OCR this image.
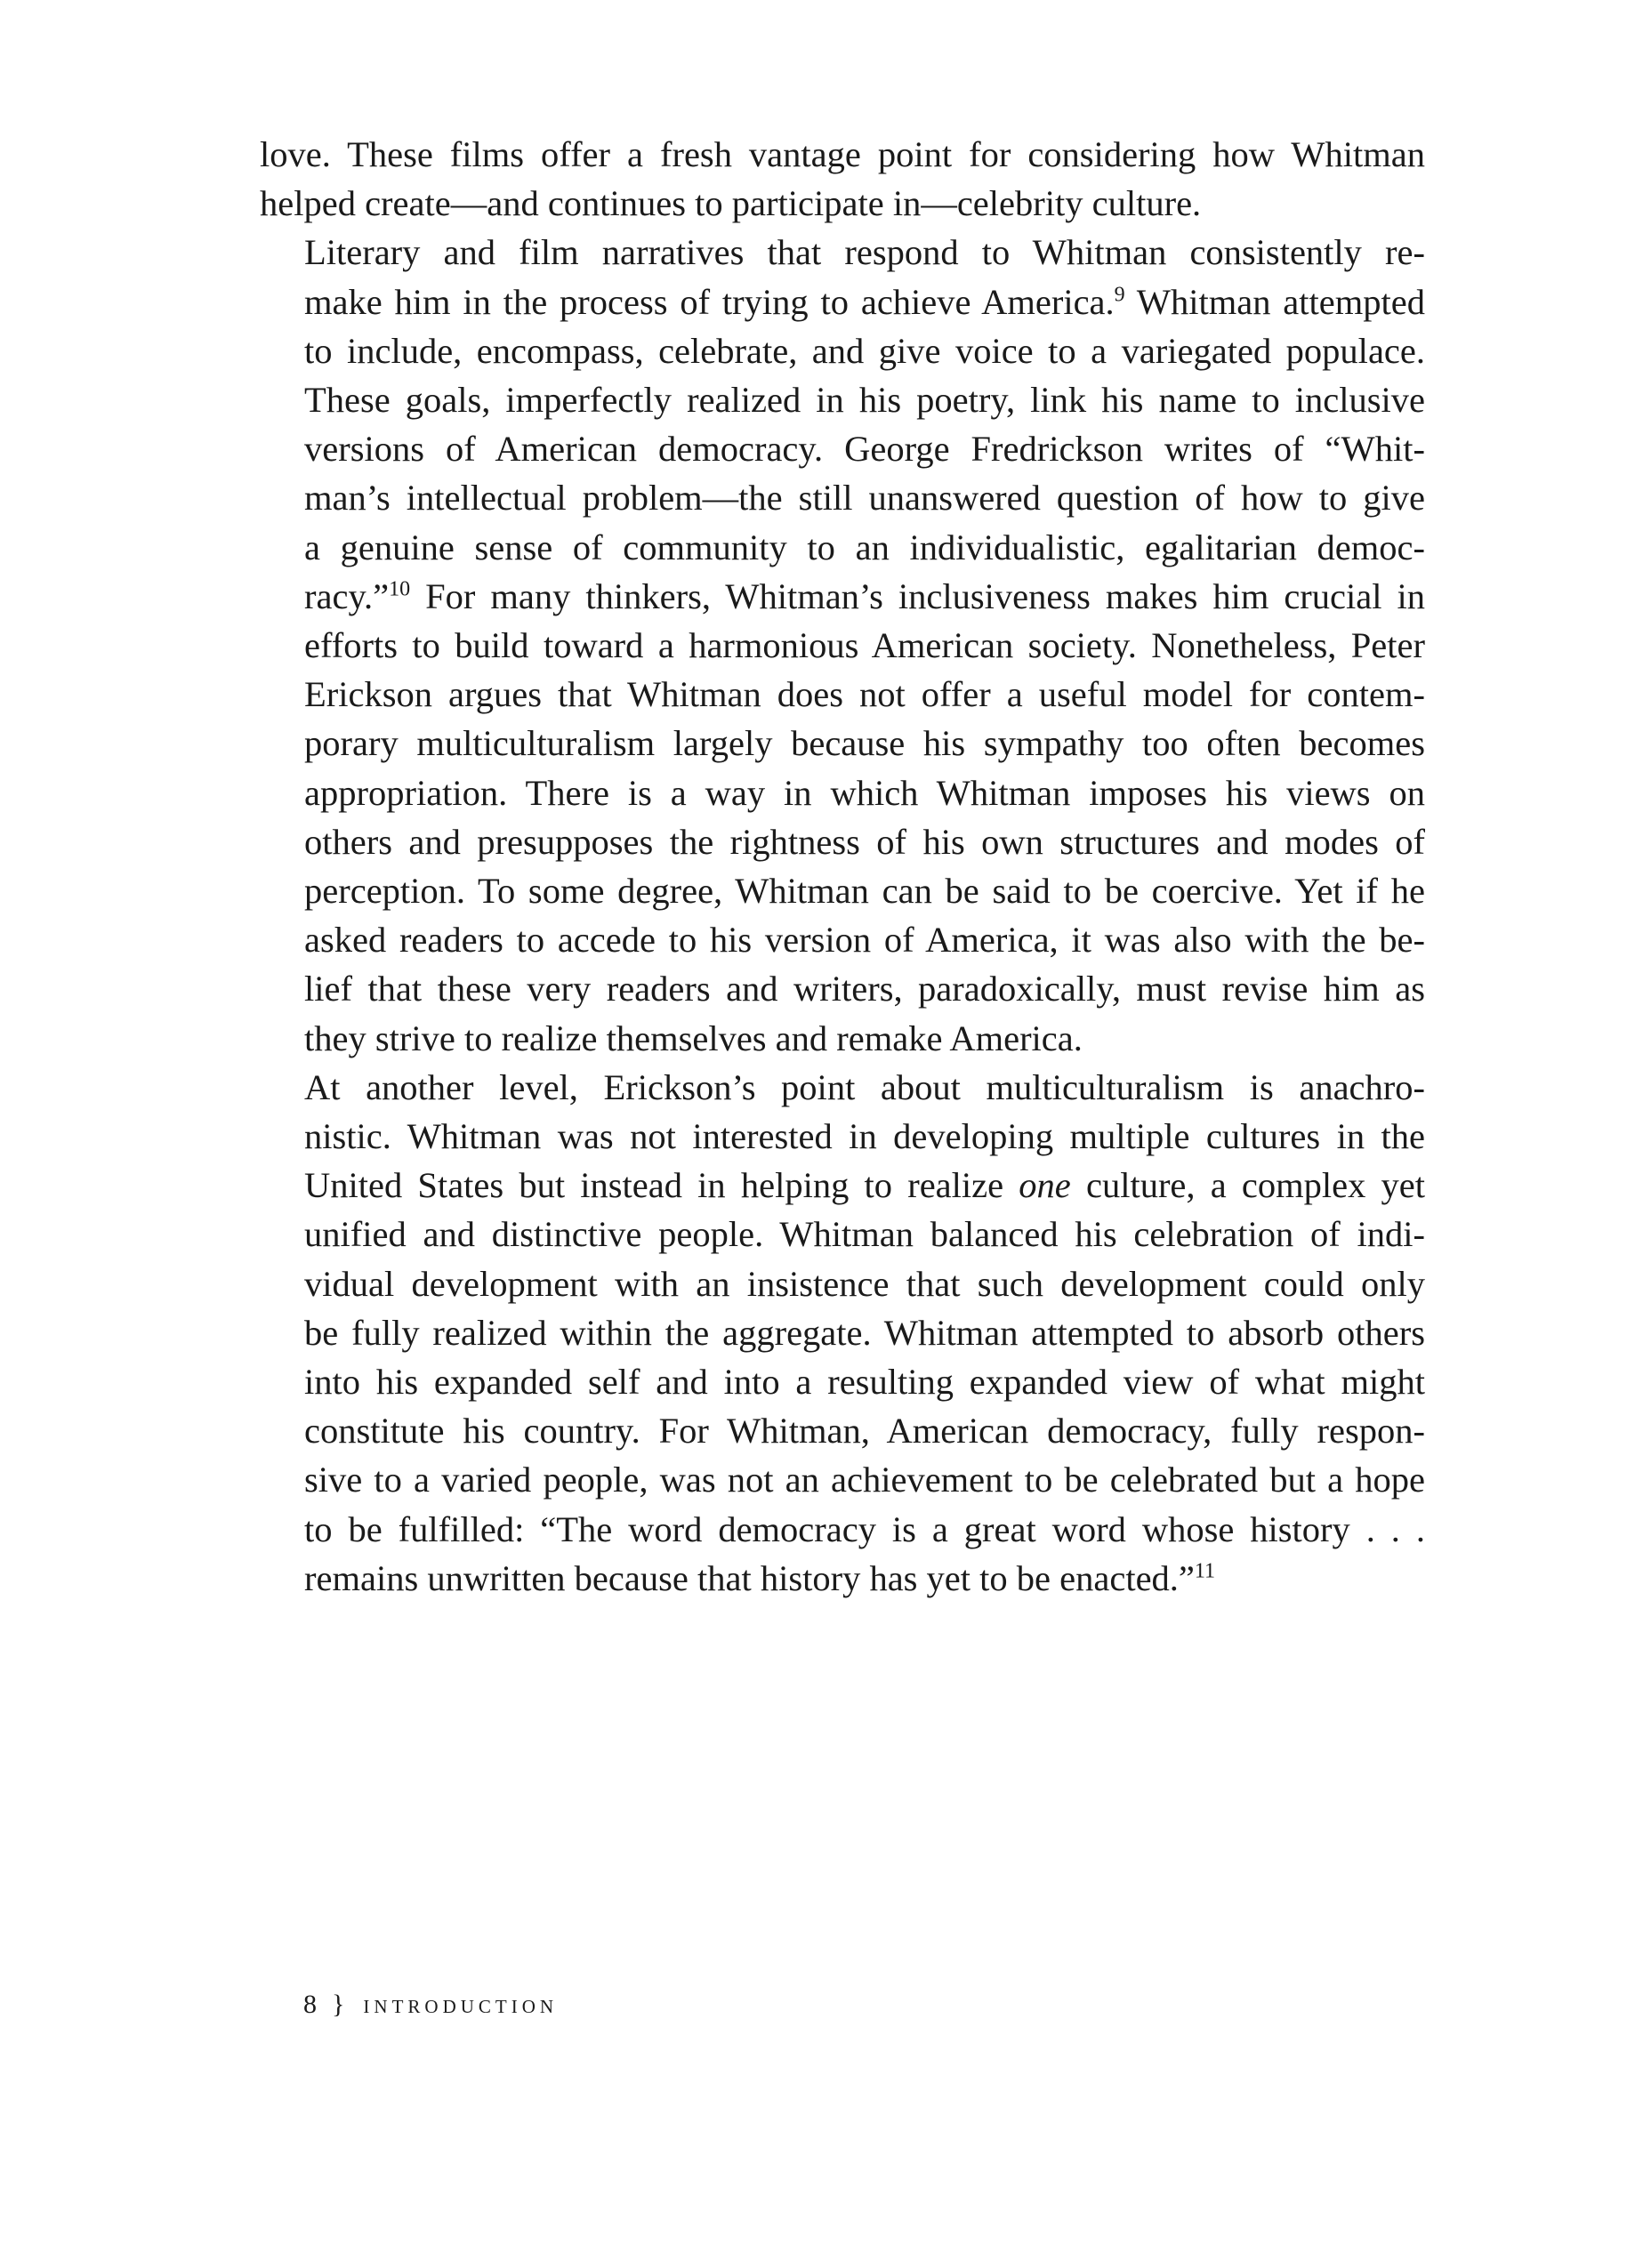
love. These films offer a fresh vantage point for considering how Whitman
helped create—and continues to participate in—celebrity culture.

Literary and film narratives that respond to Whitman consistently re-
make him in the process of trying to achieve America.$^9$ Whitman attempted
to include, encompass, celebrate, and give voice to a variegated populace.
These goals, imperfectly realized in his poetry, link his name to inclusive
versions of American democracy. George Fredrickson writes of “Whit-
man’s intellectual problem—the still unanswered question of how to give
a genuine sense of community to an individualistic, egalitarian democ-
racy.”$^{10}$ For many thinkers, Whitman’s inclusiveness makes him crucial in
efforts to build toward a harmonious American society. Nonetheless, Peter
Erickson argues that Whitman does not offer a useful model for contem-
porary multiculturalism largely because his sympathy too often becomes
appropriation. There is a way in which Whitman imposes his views on
others and presupposes the rightness of his own structures and modes of
perception. To some degree, Whitman can be said to be coercive. Yet if he
asked readers to accede to his version of America, it was also with the be-
lief that these very readers and writers, paradoxically, must revise him as
they strive to realize themselves and remake America.

At another level, Erickson’s point about multiculturalism is anachro-
nistic. Whitman was not interested in developing multiple cultures in the
United States but instead in helping to realize one culture, a complex yet
unified and distinctive people. Whitman balanced his celebration of indi-
vidual development with an insistence that such development could only
be fully realized within the aggregate. Whitman attempted to absorb others
into his expanded self and into a resulting expanded view of what might
constitute his country. For Whitman, American democracy, fully respon-
sive to a varied people, was not an achievement to be celebrated but a hope
to be fulfilled: “The word democracy is a great word whose history . . .
remains unwritten because that history has yet to be enacted.”$^{11}$

8 } introduction
